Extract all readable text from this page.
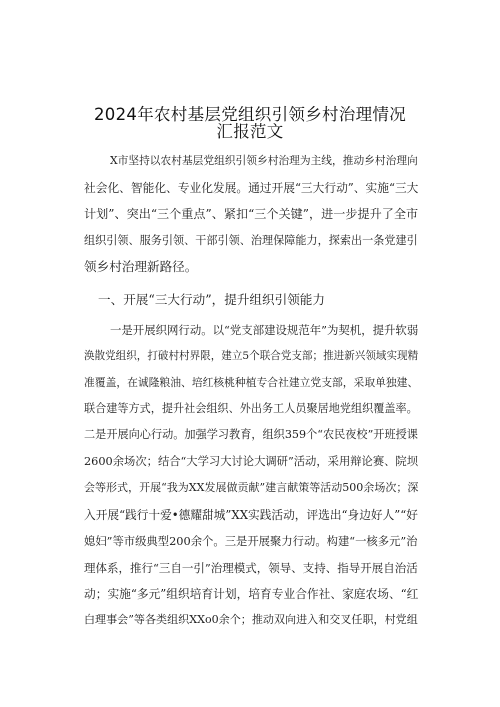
2024年农村基层党组织引领乡村治理情况
汇报范文
X市坚持以农村基层党组织引领乡村治理为主线，推动乡村治理向
社会化、智能化、专业化发展。通过开展“三大行动”、实施“三大
计划”、突出“三个重点”、紧扣“三个关键”，进一步提升了全市
组织引领、服务引领、干部引领、治理保障能力，探索出一条党建引
领乡村治理新路径。
一、开展“三大行动”，提升组织引领能力
一是开展织网行动。以“党支部建设规范年”为契机，提升软弱
涣散党组织，打破村村界限，建立5个联合党支部；推进新兴领域实现精
准覆盖，在诚隆粮油、培红核桃种植专合社建立党支部，采取单独建、
联合建等方式，提升社会组织、外出务工人员聚居地党组织覆盖率。
二是开展向心行动。加强学习教育，组织359个“农民夜校”开班授课
2600余场次；结合“大学习大讨论大调研”活动，采用辩论赛、院坝
会等形式，开展“我为XX发展做贡献”建言献策等活动500余场次；深
入开展“践行十爱•德耀甜城”XX实践活动，评选出“身边好人”“好
媳妇”等市级典型200余个。三是开展聚力行动。构建“一核多元”治
理体系，推行“三自一引”治理模式，领导、支持、指导开展自治活
动；实施“多元”组织培育计划，培育专业合作社、家庭农场、“红
白理事会”等各类组织XXo0余个；推动双向进入和交叉任职，村党组
